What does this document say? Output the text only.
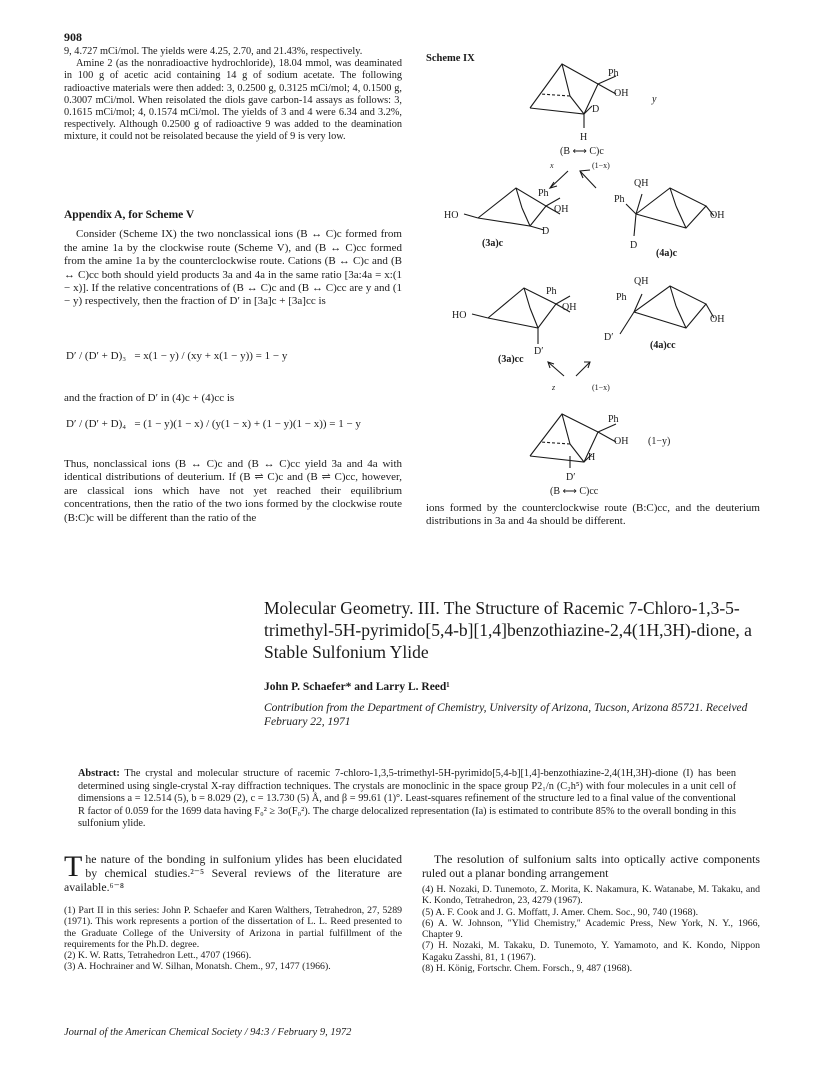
908

9, 4.727 mCi/mol. The yields were 4.25, 2.70, and 21.43%, respectively.

Amine 2 (as the nonradioactive hydrochloride), 18.04 mmol, was deaminated in 100 g of acetic acid containing 14 g of sodium acetate. The following radioactive materials were then added: 3, 0.2500 g, 0.3125 mCi/mol; 4, 0.1500 g, 0.3007 mCi/mol. When reisolated the diols gave carbon-14 assays as follows: 3, 0.1615 mCi/mol; 4, 0.1574 mCi/mol. The yields of 3 and 4 were 6.34 and 3.2%, respectively. Although 0.2500 g of radioactive 9 was added to the deamination mixture, it could not be reisolated because the yield of 9 is very low.

Appendix A, for Scheme V

Consider (Scheme IX) the two nonclassical ions (B ↔ C)c formed from the amine 1a by the clockwise route (Scheme V), and (B ↔ C)cc formed from the amine 1a by the counterclockwise route. Cations (B ↔ C)c and (B ↔ C)cc both should yield products 3a and 4a in the same ratio [3a:4a = x:(1 − x)]. If the relative concentrations of (B ↔ C)c and (B ↔ C)cc are y and (1 − y) respectively, then the fraction of D′ in [3a]c + [3a]cc is

D′ / (D′ + D)₃ = x(1 − y) / (xy + x(1 − y)) = 1 − y

and the fraction of D′ in (4)c + (4)cc is

D′ / (D′ + D)₄ = (1 − y)(1 − x) / (y(1 − x) + (1 − y)(1 − x)) = 1 − y

Thus, nonclassical ions (B ↔ C)c and (B ↔ C)cc yield 3a and 4a with identical distributions of deuterium. If (B ⇌ C)c and (B ⇌ C)cc, however, are classical ions which have not yet reached their equilibrium concentrations, then the ratio of the two ions formed by the clockwise route (B:C)c will be different than the ratio of the

Scheme IX
Ph
OH
D
H
y
(B ⟷ C)c
x	(1−x)
Ph
OH
D
HO
(3a)c
QH
Ph
OH
D
(4a)c
Ph
OH
D′
HO
(3a)cc
QH
Ph
OH
D′
(4a)cc
z	(1−x)
Ph
OH
H
(1−y)
D′
(B ⟷ C)cc

ions formed by the counterclockwise route (B:C)cc, and the deuterium distributions in 3a and 4a should be different.

Molecular Geometry. III. The Structure of Racemic 7-Chloro-1,3-5-trimethyl-5H-pyrimido[5,4-b][1,4]benzothiazine-2,4(1H,3H)-dione, a Stable Sulfonium Ylide
John P. Schaefer* and Larry L. Reed¹
Contribution from the Department of Chemistry, University of Arizona, Tucson, Arizona 85721. Received February 22, 1971
Abstract: The crystal and molecular structure of racemic 7-chloro-1,3,5-trimethyl-5H-pyrimido[5,4-b][1,4]-benzothiazine-2,4(1H,3H)-dione (I) has been determined using single-crystal X-ray diffraction techniques. The crystals are monoclinic in the space group P2₁/n (C₂h⁵) with four molecules in a unit cell of dimensions a = 12.514 (5), b = 8.029 (2), c = 13.730 (5) Å, and β = 99.61 (1)°. Least-squares refinement of the structure led to a final value of the conventional R factor of 0.059 for the 1699 data having F₀² ≥ 3σ(F₀²). The charge delocalized representation (Ia) is estimated to contribute 85% to the overall bonding in this sulfonium ylide.
T he nature of the bonding in sulfonium ylides has been elucidated by chemical studies.²⁻⁵ Several reviews of the literature are available.⁶⁻⁸

(1) Part II in this series: John P. Schaefer and Karen Walthers, Tetrahedron, 27, 5289 (1971). This work represents a portion of the dissertation of L. L. Reed presented to the Graduate College of the University of Arizona in partial fulfillment of the requirements for the Ph.D. degree.

(2) K. W. Ratts, Tetrahedron Lett., 4707 (1966).

(3) A. Hochrainer and W. Silhan, Monatsh. Chem., 97, 1477 (1966).

The resolution of sulfonium salts into optically active components ruled out a planar bonding arrangement

(4) H. Nozaki, D. Tunemoto, Z. Morita, K. Nakamura, K. Watanabe, M. Takaku, and K. Kondo, Tetrahedron, 23, 4279 (1967).

(5) A. F. Cook and J. G. Moffatt, J. Amer. Chem. Soc., 90, 740 (1968).

(6) A. W. Johnson, "Ylid Chemistry," Academic Press, New York, N. Y., 1966, Chapter 9.

(7) H. Nozaki, M. Takaku, D. Tunemoto, Y. Yamamoto, and K. Kondo, Nippon Kagaku Zasshi, 81, 1 (1967).

(8) H. König, Fortschr. Chem. Forsch., 9, 487 (1968).

Journal of the American Chemical Society / 94:3 / February 9, 1972
